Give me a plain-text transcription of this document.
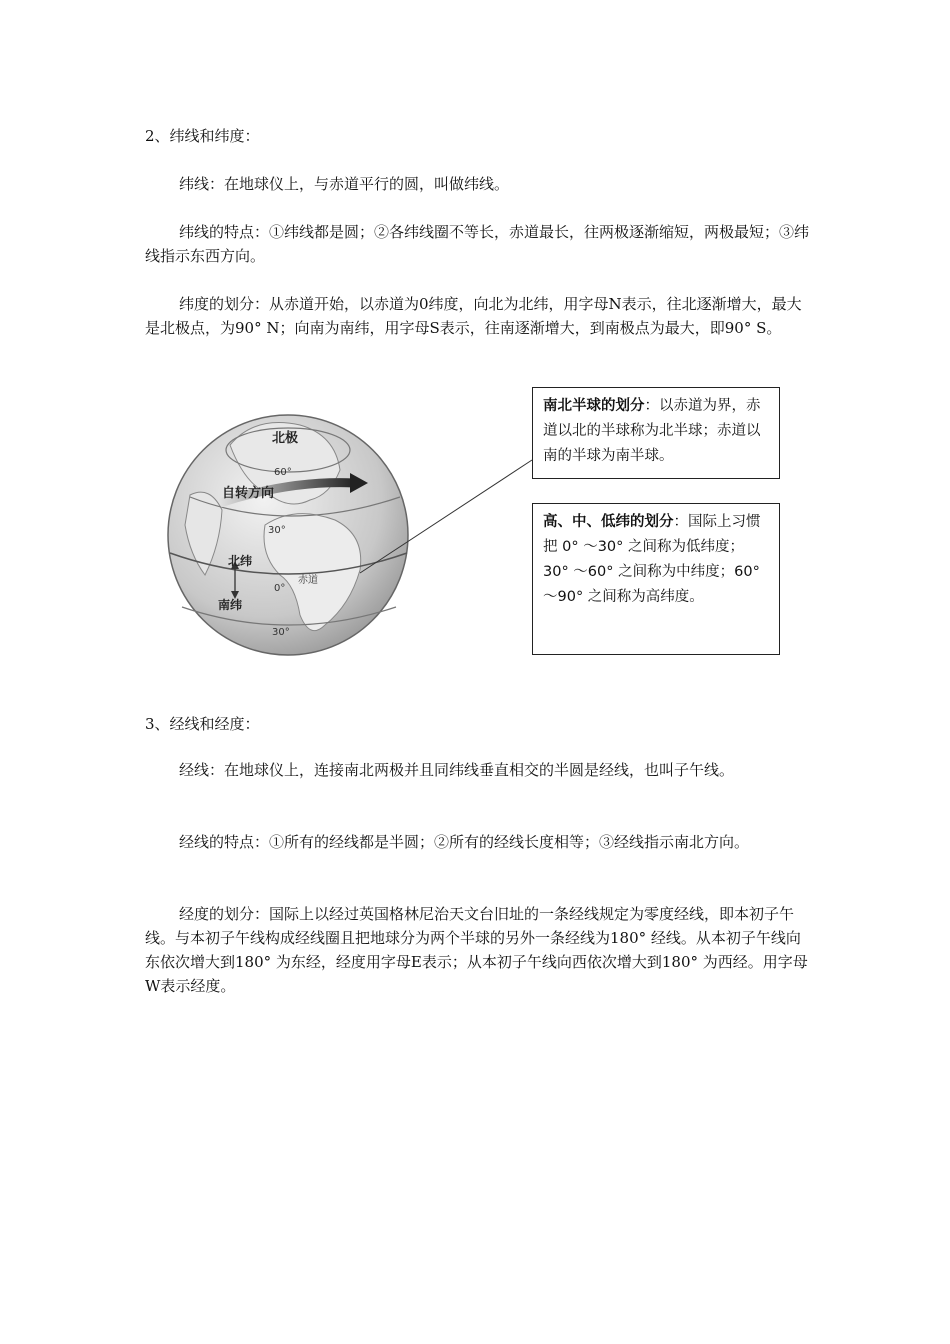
2、纬线和纬度：

纬线：在地球仪上，与赤道平行的圆，叫做纬线。

纬线的特点：①纬线都是圆；②各纬线圈不等长，赤道最长，往两极逐渐缩短，两极最短；③纬线指示东西方向。

纬度的划分：从赤道开始，以赤道为0纬度，向北为北纬，用字母N表示，往北逐渐增大，最大是北极点，为90° N；向南为南纬，用字母S表示，往南逐渐增大，到南极点为最大，即90° S。

北极
60°
自转方向
30°
北纬
0°
赤道
南纬
30°
南北半球的划分：以赤道为界，赤道以北的半球称为北半球；赤道以南的半球为南半球。
高、中、低纬的划分：国际上习惯把 0° ～30° 之间称为低纬度；30° ～60° 之间称为中纬度；60° ～90° 之间称为高纬度。

3、经线和经度：

经线：在地球仪上，连接南北两极并且同纬线垂直相交的半圆是经线，也叫子午线。

经线的特点：①所有的经线都是半圆；②所有的经线长度相等；③经线指示南北方向。

经度的划分：国际上以经过英国格林尼治天文台旧址的一条经线规定为零度经线，即本初子午线。与本初子午线构成经线圈且把地球分为两个半球的另外一条经线为180° 经线。从本初子午线向东依次增大到180° 为东经，经度用字母E表示；从本初子午线向西依次增大到180° 为西经。用字母W表示经度。
